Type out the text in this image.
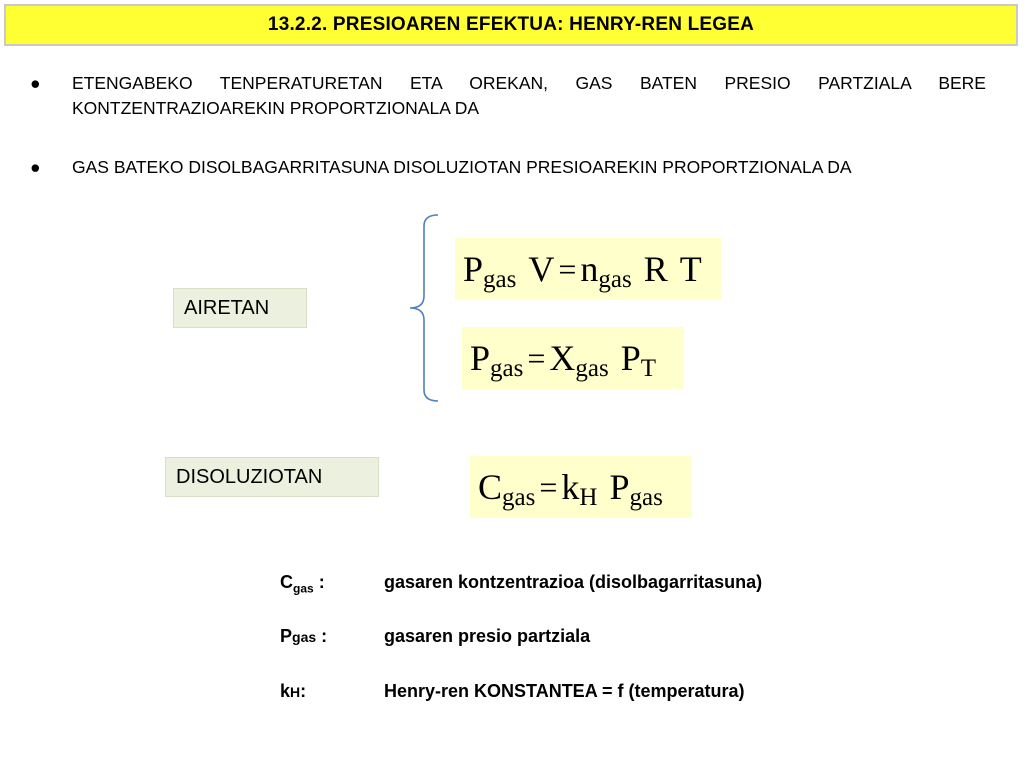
13.2.2. PRESIOAREN EFEKTUA: HENRY-REN LEGEA
●	ETENGABEKO TENPERATURETAN ETA OREKAN, GAS BATEN PRESIO PARTZIALA BERE KONTZENTRAZIOAREKIN PROPORTZIONALA DA
●	GAS BATEKO DISOLBAGARRITASUNA DISOLUZIOTAN PRESIOAREKIN PROPORTZIONALA DA
P gas V = n gas R T
P gas = X gas P T
C gas = k H P gas
AIRETAN
DISOLUZIOTAN
$C_{gas}$ :	gasaren kontzentrazioa (disolbagarritasuna)
Pgas :	gasaren presio partziala
kH:	Henry-ren KONSTANTEA = f (temperatura)
